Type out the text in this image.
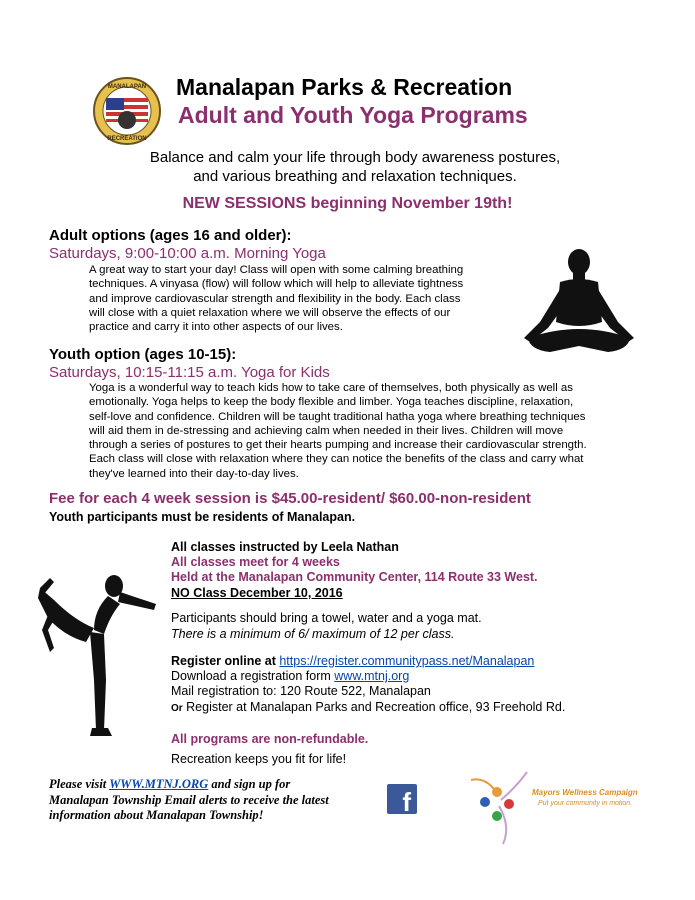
MANALAPAN
RECREATION
Manalapan Parks & Recreation
Adult and Youth Yoga Programs
Balance and calm your life through body awareness postures,
and various breathing and relaxation techniques.
NEW SESSIONS beginning November 19th!
Adult options (ages 16 and older):
Saturdays, 9:00-10:00 a.m. Morning Yoga
A great way to start your day! Class will open with some calming breathing
techniques. A vinyasa (flow) will follow which will help to alleviate tightness
and improve cardiovascular strength and flexibility in the body. Each class
will close with a quiet relaxation where we will observe the effects of our
practice and carry it into other aspects of our lives.
Youth option (ages 10-15):
Saturdays, 10:15-11:15 a.m. Yoga for Kids
Yoga is a wonderful way to teach kids how to take care of themselves, both physically as well as
emotionally. Yoga helps to keep the body flexible and limber. Yoga teaches discipline, relaxation,
self-love and confidence. Children will be taught traditional hatha yoga where breathing techniques
will aid them in de-stressing and achieving calm when needed in their lives. Children will move
through a series of postures to get their hearts pumping and increase their cardiovascular strength.
Each class will close with relaxation where they can notice the benefits of the class and carry what
they've learned into their day-to-day lives.
Fee for each 4 week session is $45.00-resident/ $60.00-non-resident
Youth participants must be residents of Manalapan.
All classes instructed by Leela Nathan
All classes meet for 4 weeks
Held at the Manalapan Community Center, 114 Route 33 West.
NO Class December 10, 2016
Participants should bring a towel, water and a yoga mat.
There is a minimum of 6/ maximum of 12 per class.
Register online at https://register.communitypass.net/Manalapan
Download a registration form www.mtnj.org
Mail registration to: 120 Route 522, Manalapan
Or Register at Manalapan Parks and Recreation office, 93 Freehold Rd.
All programs are non-refundable.
Recreation keeps you fit for life!
Please visit WWW.MTNJ.ORG and sign up for Manalapan Township Email alerts to receive the latest information about Manalapan Township!	f	Mayors Wellness Campaign
Put your community in motion.
